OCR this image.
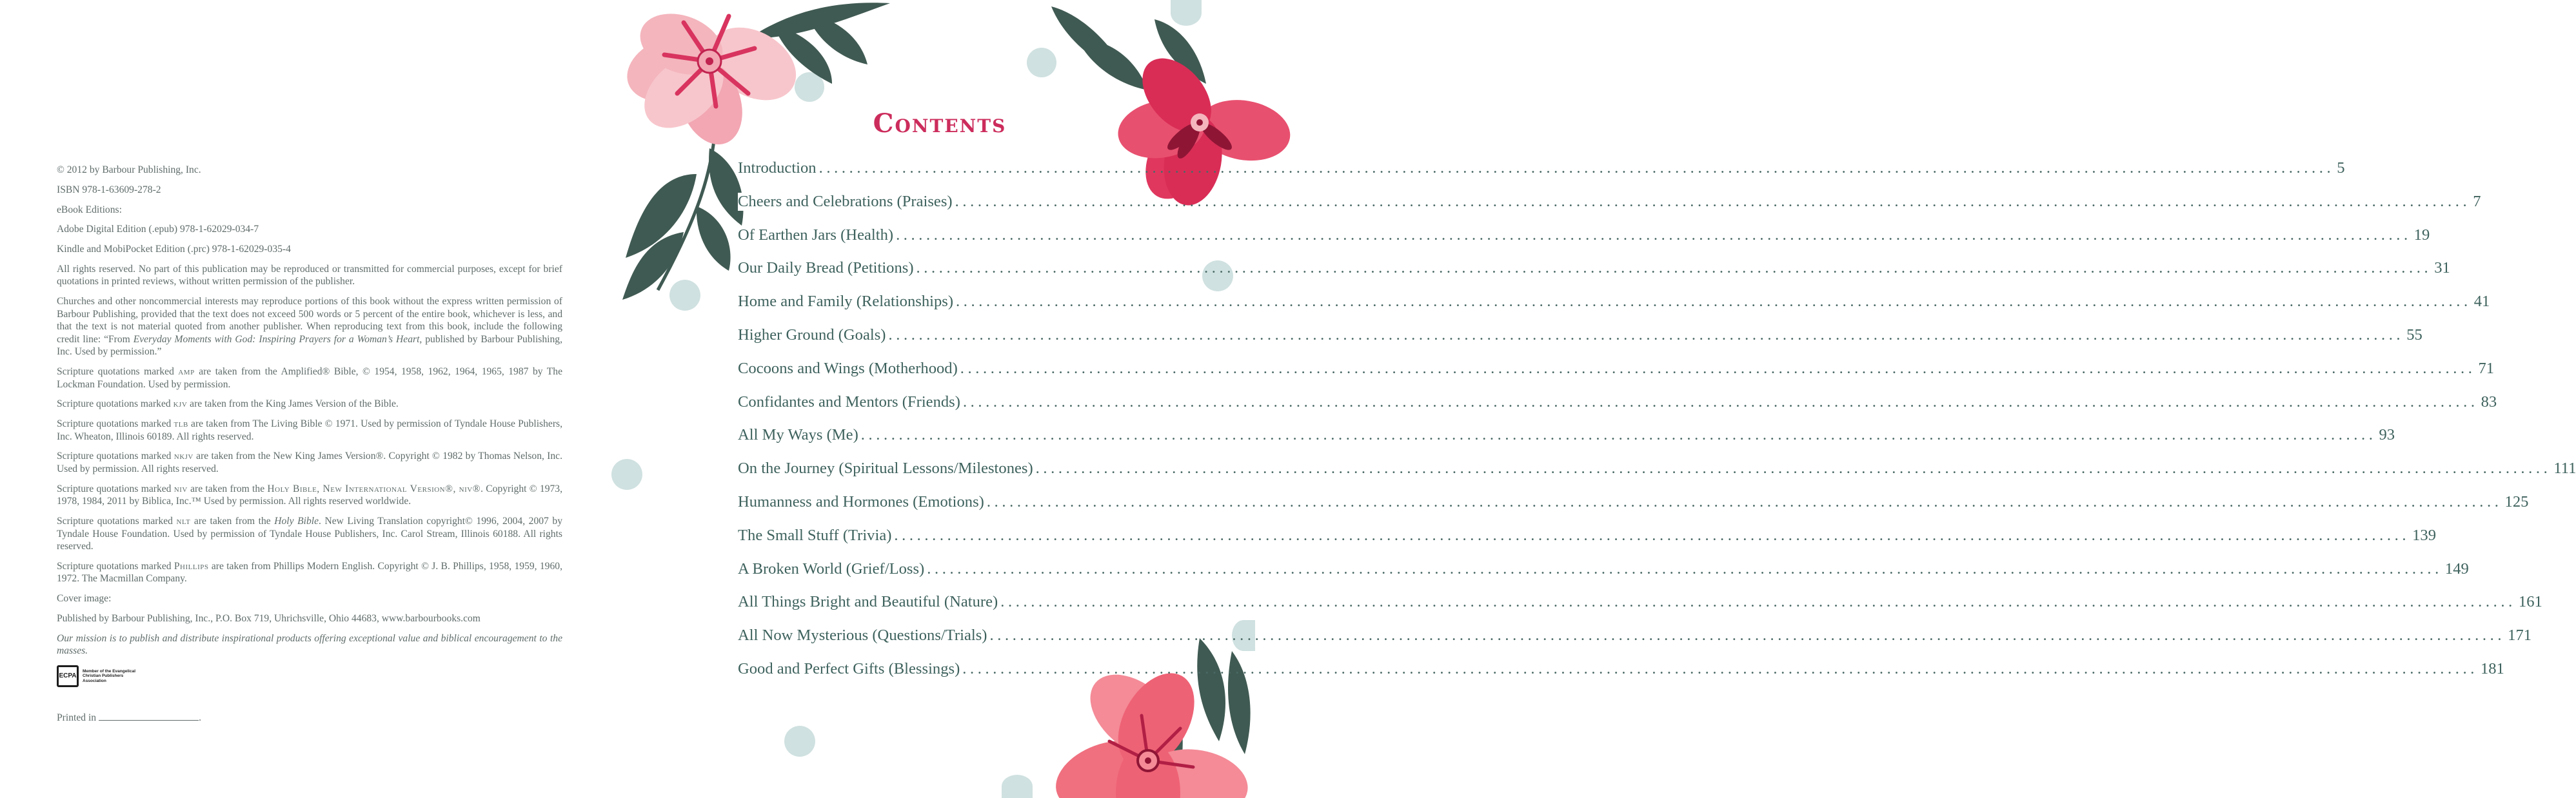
© 2012 by Barbour Publishing, Inc.
ISBN 978-1-63609-278-2
eBook Editions:
Adobe Digital Edition (.epub) 978-1-62029-034-7
Kindle and MobiPocket Edition (.prc) 978-1-62029-035-4

All rights reserved. No part of this publication may be reproduced or transmitted for commercial purposes, except for brief quotations in printed reviews, without written permission of the publisher.

Churches and other noncommercial interests may reproduce portions of this book without the express written permission of Barbour Publishing, provided that the text does not exceed 500 words or 5 percent of the entire book, whichever is less, and that the text is not material quoted from another publisher. When reproducing text from this book, include the following credit line: “From Everyday Moments with God: Inspiring Prayers for a Woman’s Heart, published by Barbour Publishing, Inc. Used by permission.”

Scripture quotations marked amp are taken from the Amplified® Bible, © 1954, 1958, 1962, 1964, 1965, 1987 by The Lockman Foundation. Used by permission.

Scripture quotations marked kjv are taken from the King James Version of the Bible.

Scripture quotations marked tlb are taken from The Living Bible © 1971. Used by permission of Tyndale House Publishers, Inc. Wheaton, Illinois 60189. All rights reserved.

Scripture quotations marked nkjv are taken from the New King James Version®. Copyright © 1982 by Thomas Nelson, Inc. Used by permission. All rights reserved.

Scripture quotations marked niv are taken from the Holy Bible, New International Version®, niv®. Copyright © 1973, 1978, 1984, 2011 by Biblica, Inc.™ Used by permission. All rights reserved worldwide.

Scripture quotations marked nlt are taken from the Holy Bible. New Living Translation copyright© 1996, 2004, 2007 by Tyndale House Foundation. Used by permission of Tyndale House Publishers, Inc. Carol Stream, Illinois 60188. All rights reserved.

Scripture quotations marked Phillips are taken from Phillips Modern English. Copyright © J. B. Phillips, 1958, 1959, 1960, 1972. The Macmillan Company.

Cover image:
Published by Barbour Publishing, Inc., P.O. Box 719, Uhrichsville, Ohio 44683, www.barbourbooks.com

Our mission is to publish and distribute inspirational products offering exceptional value and biblical encouragement to the masses.

ECPA
Member of the Evangelical Christian Publishers Association
Printed in	.
Contents
Introduction ........................................................................................................................................................................................................ 5
Cheers and Celebrations (Praises) ........................................................................................................................................................................................................ 7
Of Earthen Jars (Health) ........................................................................................................................................................................................................ 19
Our Daily Bread (Petitions) ........................................................................................................................................................................................................ 31
Home and Family (Relationships) ........................................................................................................................................................................................................ 41
Higher Ground (Goals) ........................................................................................................................................................................................................ 55
Cocoons and Wings (Motherhood) ........................................................................................................................................................................................................ 71
Confidantes and Mentors (Friends) ........................................................................................................................................................................................................ 83
All My Ways (Me) ........................................................................................................................................................................................................ 93
On the Journey (Spiritual Lessons/Milestones) ........................................................................................................................................................................................................ 111
Humanness and Hormones (Emotions) ........................................................................................................................................................................................................ 125
The Small Stuff (Trivia) ........................................................................................................................................................................................................ 139
A Broken World (Grief/Loss) ........................................................................................................................................................................................................ 149
All Things Bright and Beautiful (Nature) ........................................................................................................................................................................................................ 161
All Now Mysterious (Questions/Trials) ........................................................................................................................................................................................................ 171
Good and Perfect Gifts (Blessings) ........................................................................................................................................................................................................ 181
